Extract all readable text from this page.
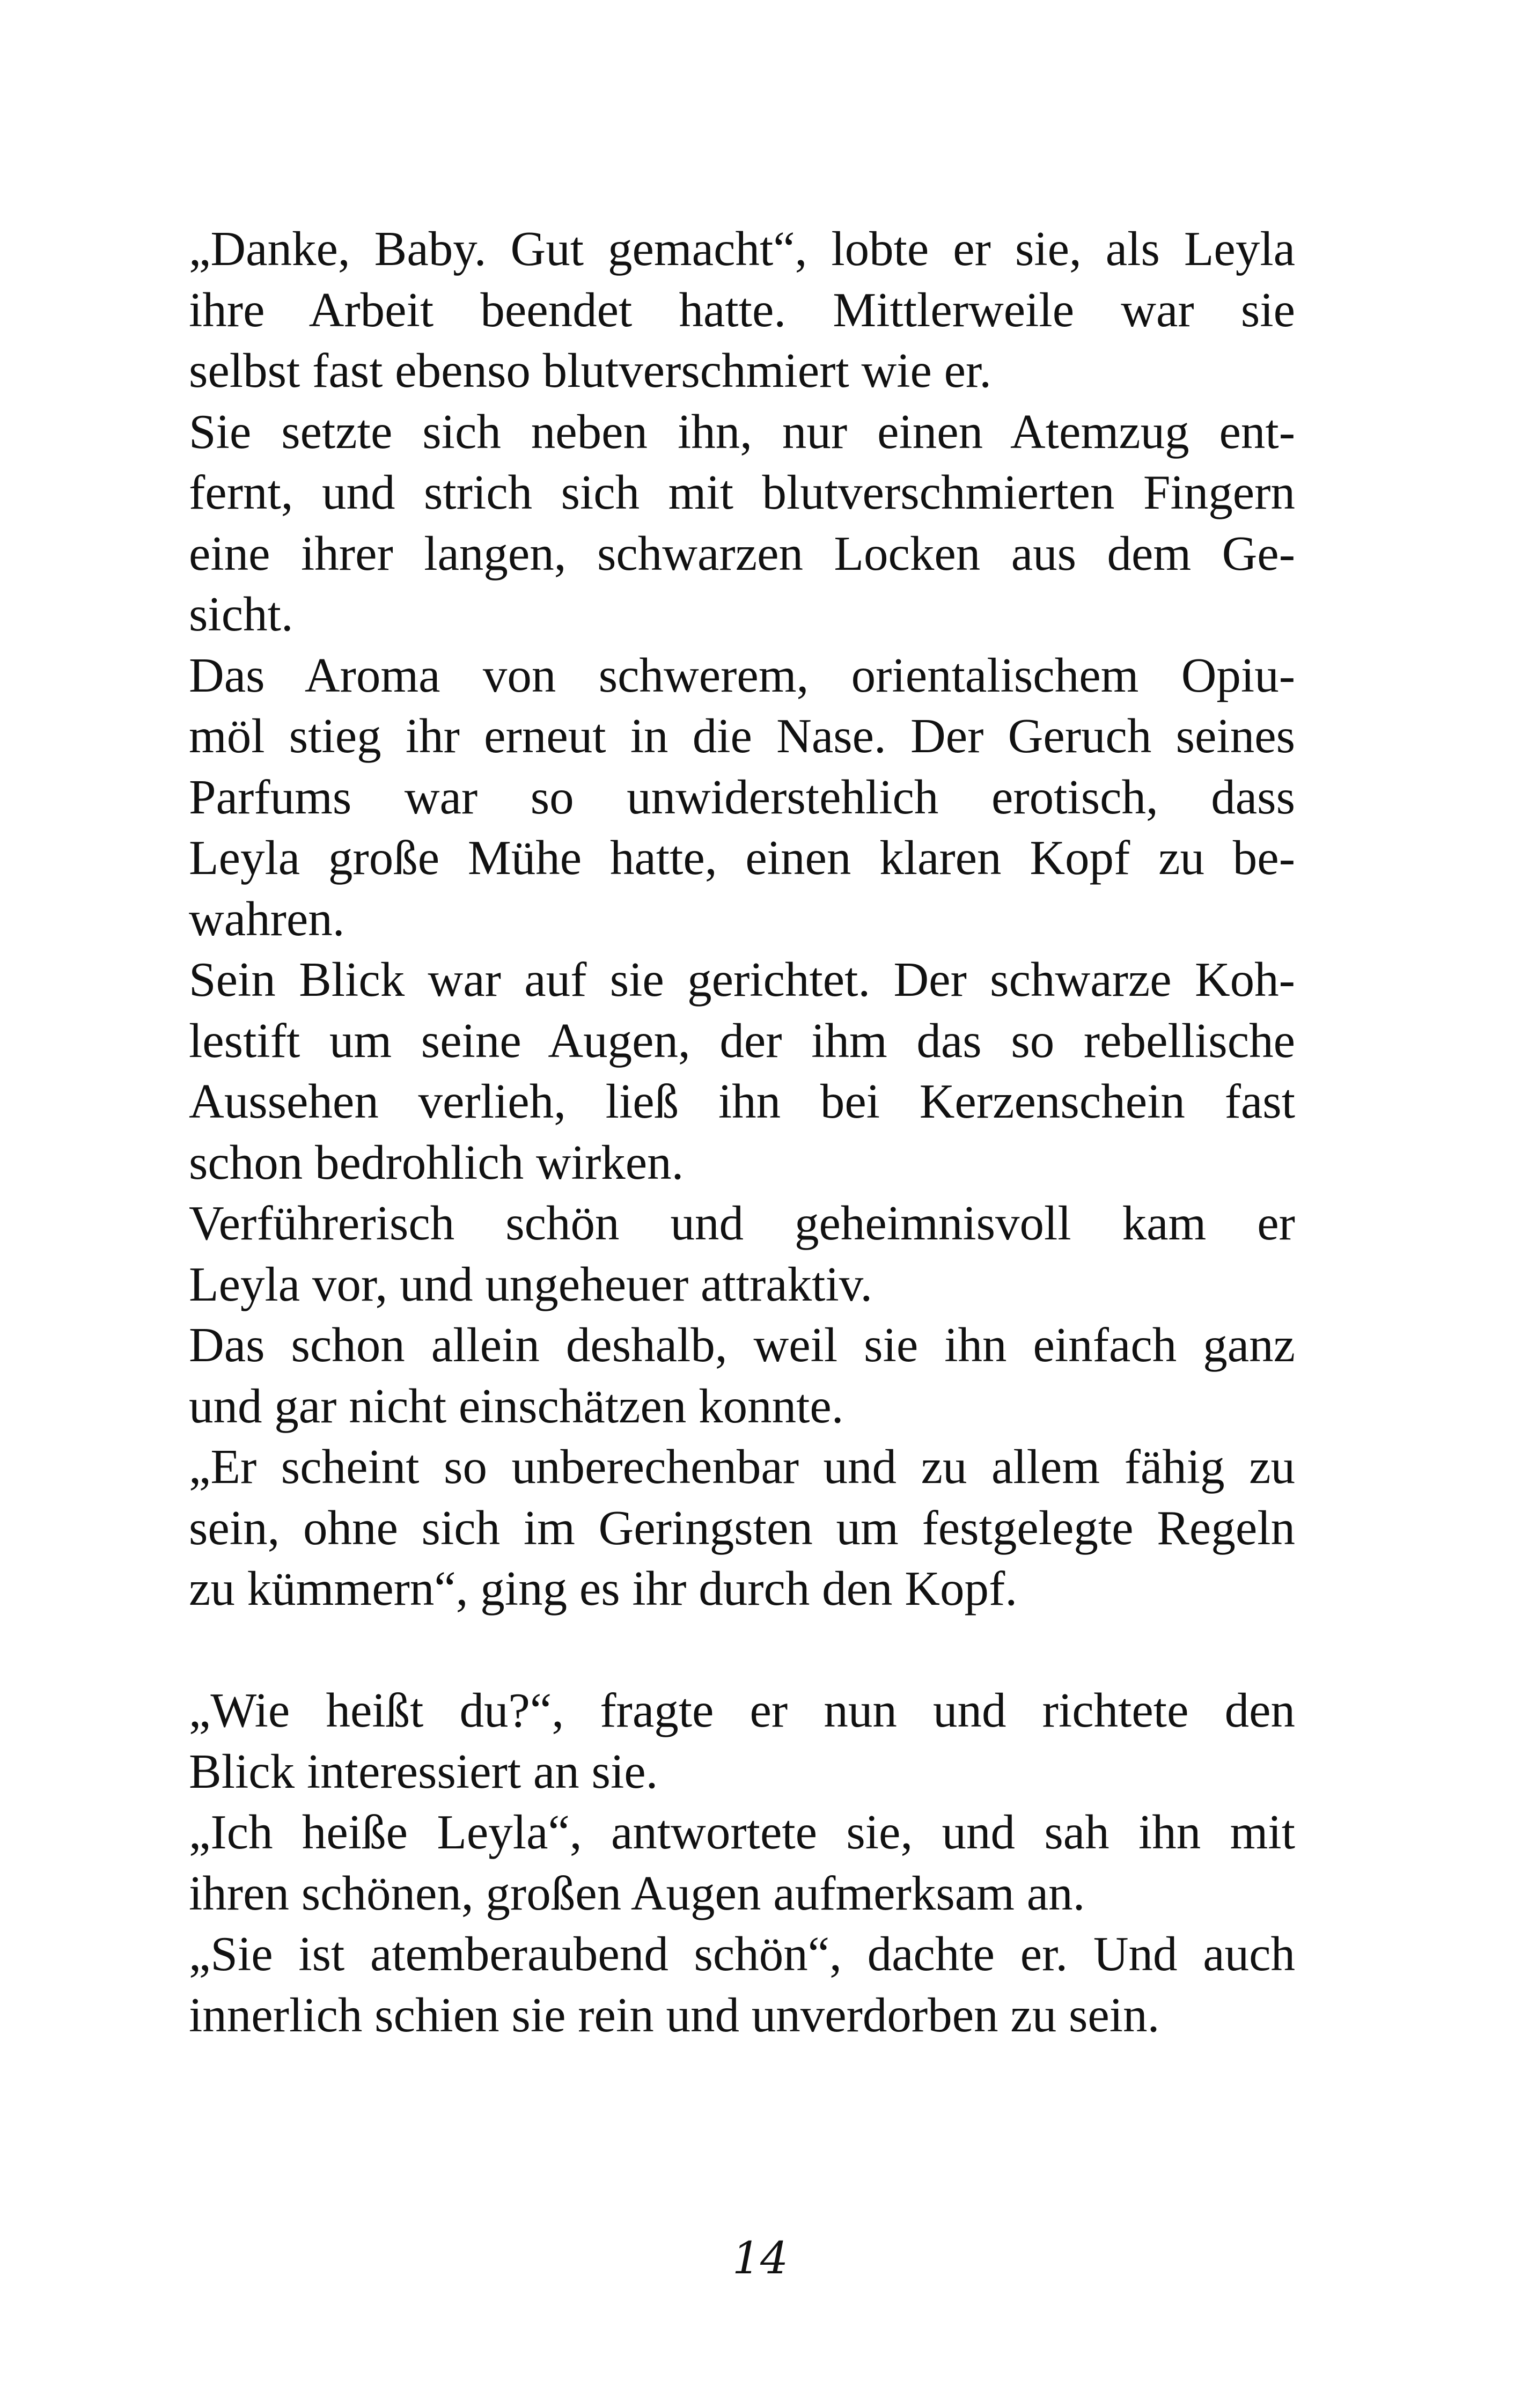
„Danke, Baby. Gut gemacht“, lobte er sie, als Leyla
ihre Arbeit beendet hatte. Mittlerweile war sie
selbst fast ebenso blutverschmiert wie er.
Sie setzte sich neben ihn, nur einen Atemzug ent-
fernt, und strich sich mit blutverschmierten Fingern
eine ihrer langen, schwarzen Locken aus dem Ge-
sicht.
Das Aroma von schwerem, orientalischem Opiu-
möl stieg ihr erneut in die Nase. Der Geruch seines
Parfums war so unwiderstehlich erotisch, dass
Leyla große Mühe hatte, einen klaren Kopf zu be-
wahren.
Sein Blick war auf sie gerichtet. Der schwarze Koh-
lestift um seine Augen, der ihm das so rebellische
Aussehen verlieh, ließ ihn bei Kerzenschein fast
schon bedrohlich wirken.
Verführerisch schön und geheimnisvoll kam er
Leyla vor, und ungeheuer attraktiv.
Das schon allein deshalb, weil sie ihn einfach ganz
und gar nicht einschätzen konnte.
„Er scheint so unberechenbar und zu allem fähig zu
sein, ohne sich im Geringsten um festgelegte Regeln
zu kümmern“, ging es ihr durch den Kopf.
„Wie heißt du?“, fragte er nun und richtete den
Blick interessiert an sie.
„Ich heiße Leyla“, antwortete sie, und sah ihn mit
ihren schönen, großen Augen aufmerksam an.
„Sie ist atemberaubend schön“, dachte er. Und auch
innerlich schien sie rein und unverdorben zu sein.
14
